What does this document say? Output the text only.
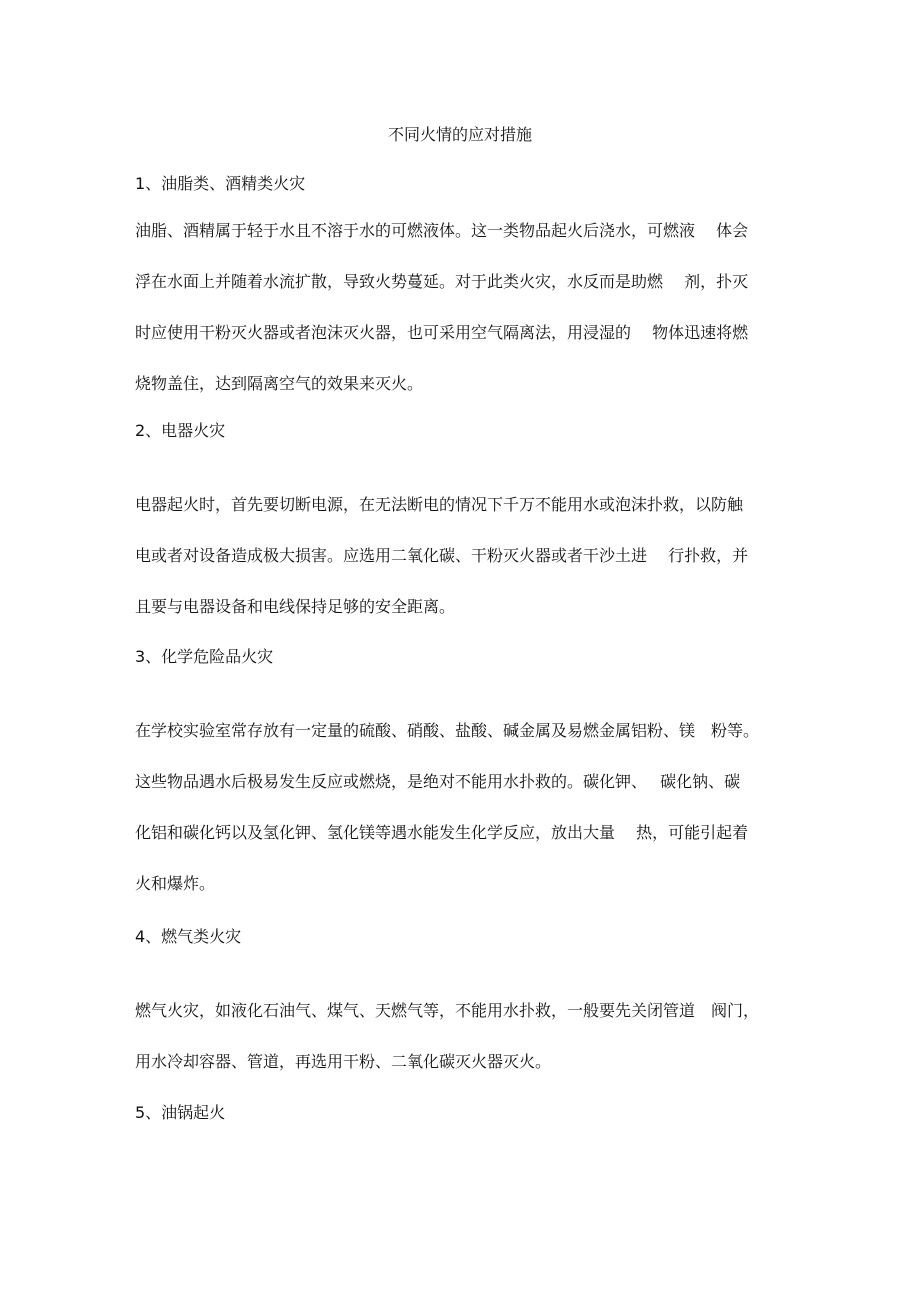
不同火情的应对措施
1、油脂类、酒精类火灾
油脂、酒精属于轻于水且不溶于水的可燃液体。这一类物品起火后浇水，可燃液　 体会
浮在水面上并随着水流扩散，导致火势蔓延。对于此类火灾，水反而是助燃　 剂，扑灭
时应使用干粉灭火器或者泡沫灭火器，也可采用空气隔离法，用浸湿的　 物体迅速将燃
烧物盖住，达到隔离空气的效果来灭火。
2、电器火灾
电器起火时，首先要切断电源，在无法断电的情况下千万不能用水或泡沫扑救，以防触
电或者对设备造成极大损害。应选用二氧化碳、干粉灭火器或者干沙土进　 行扑救，并
且要与电器设备和电线保持足够的安全距离。
3、化学危险品火灾
在学校实验室常存放有一定量的硫酸、硝酸、盐酸、碱金属及易燃金属铝粉、镁　粉等。
这些物品遇水后极易发生反应或燃烧，是绝对不能用水扑救的。碳化钾、　 碳化钠、碳
化铝和碳化钙以及氢化钾、氢化镁等遇水能发生化学反应，放出大量　 热，可能引起着
火和爆炸。
4、燃气类火灾
燃气火灾，如液化石油气、煤气、天燃气等，不能用水扑救，一般要先关闭管道　阀门，
用水冷却容器、管道，再选用干粉、二氧化碳灭火器灭火。
5、油锅起火
